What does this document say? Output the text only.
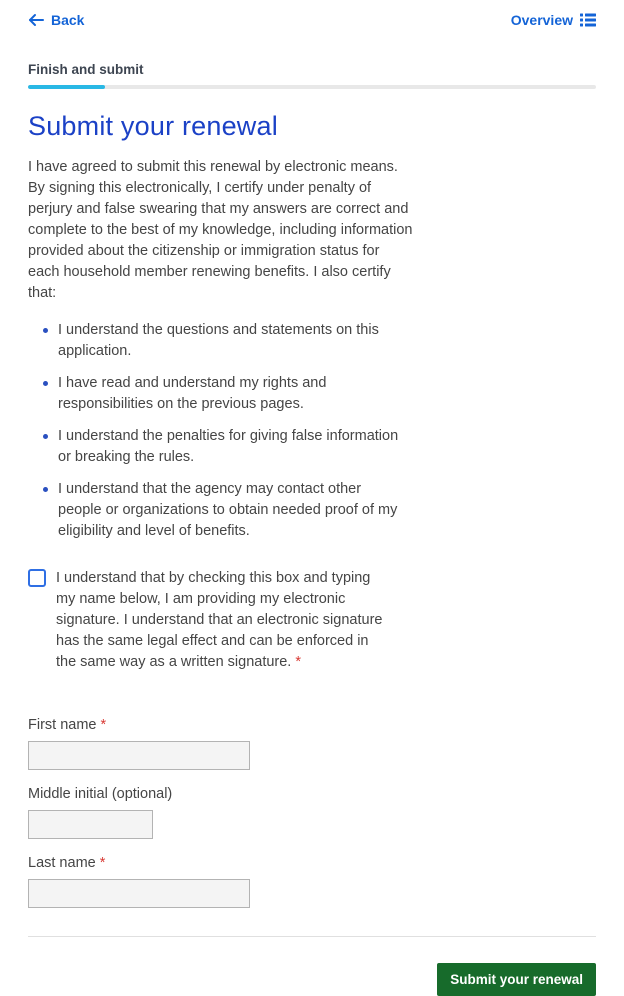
Back	Overview
Finish and submit
Submit your renewal

I have agreed to submit this renewal by electronic means. By signing this electronically, I certify under penalty of perjury and false swearing that my answers are correct and complete to the best of my knowledge, including information provided about the citizenship or immigration status for each household member renewing benefits. I also certify that:

I understand the questions and statements on this application.
I have read and understand my rights and responsibilities on the previous pages.
I understand the penalties for giving false information or breaking the rules.
I understand that the agency may contact other people or organizations to obtain needed proof of my eligibility and level of benefits.
I understand that by checking this box and typing my name below, I am providing my electronic signature. I understand that an electronic signature has the same legal effect and can be enforced in the same way as a written signature. *
First name *
Middle initial (optional)
Last name *
Submit your renewal
